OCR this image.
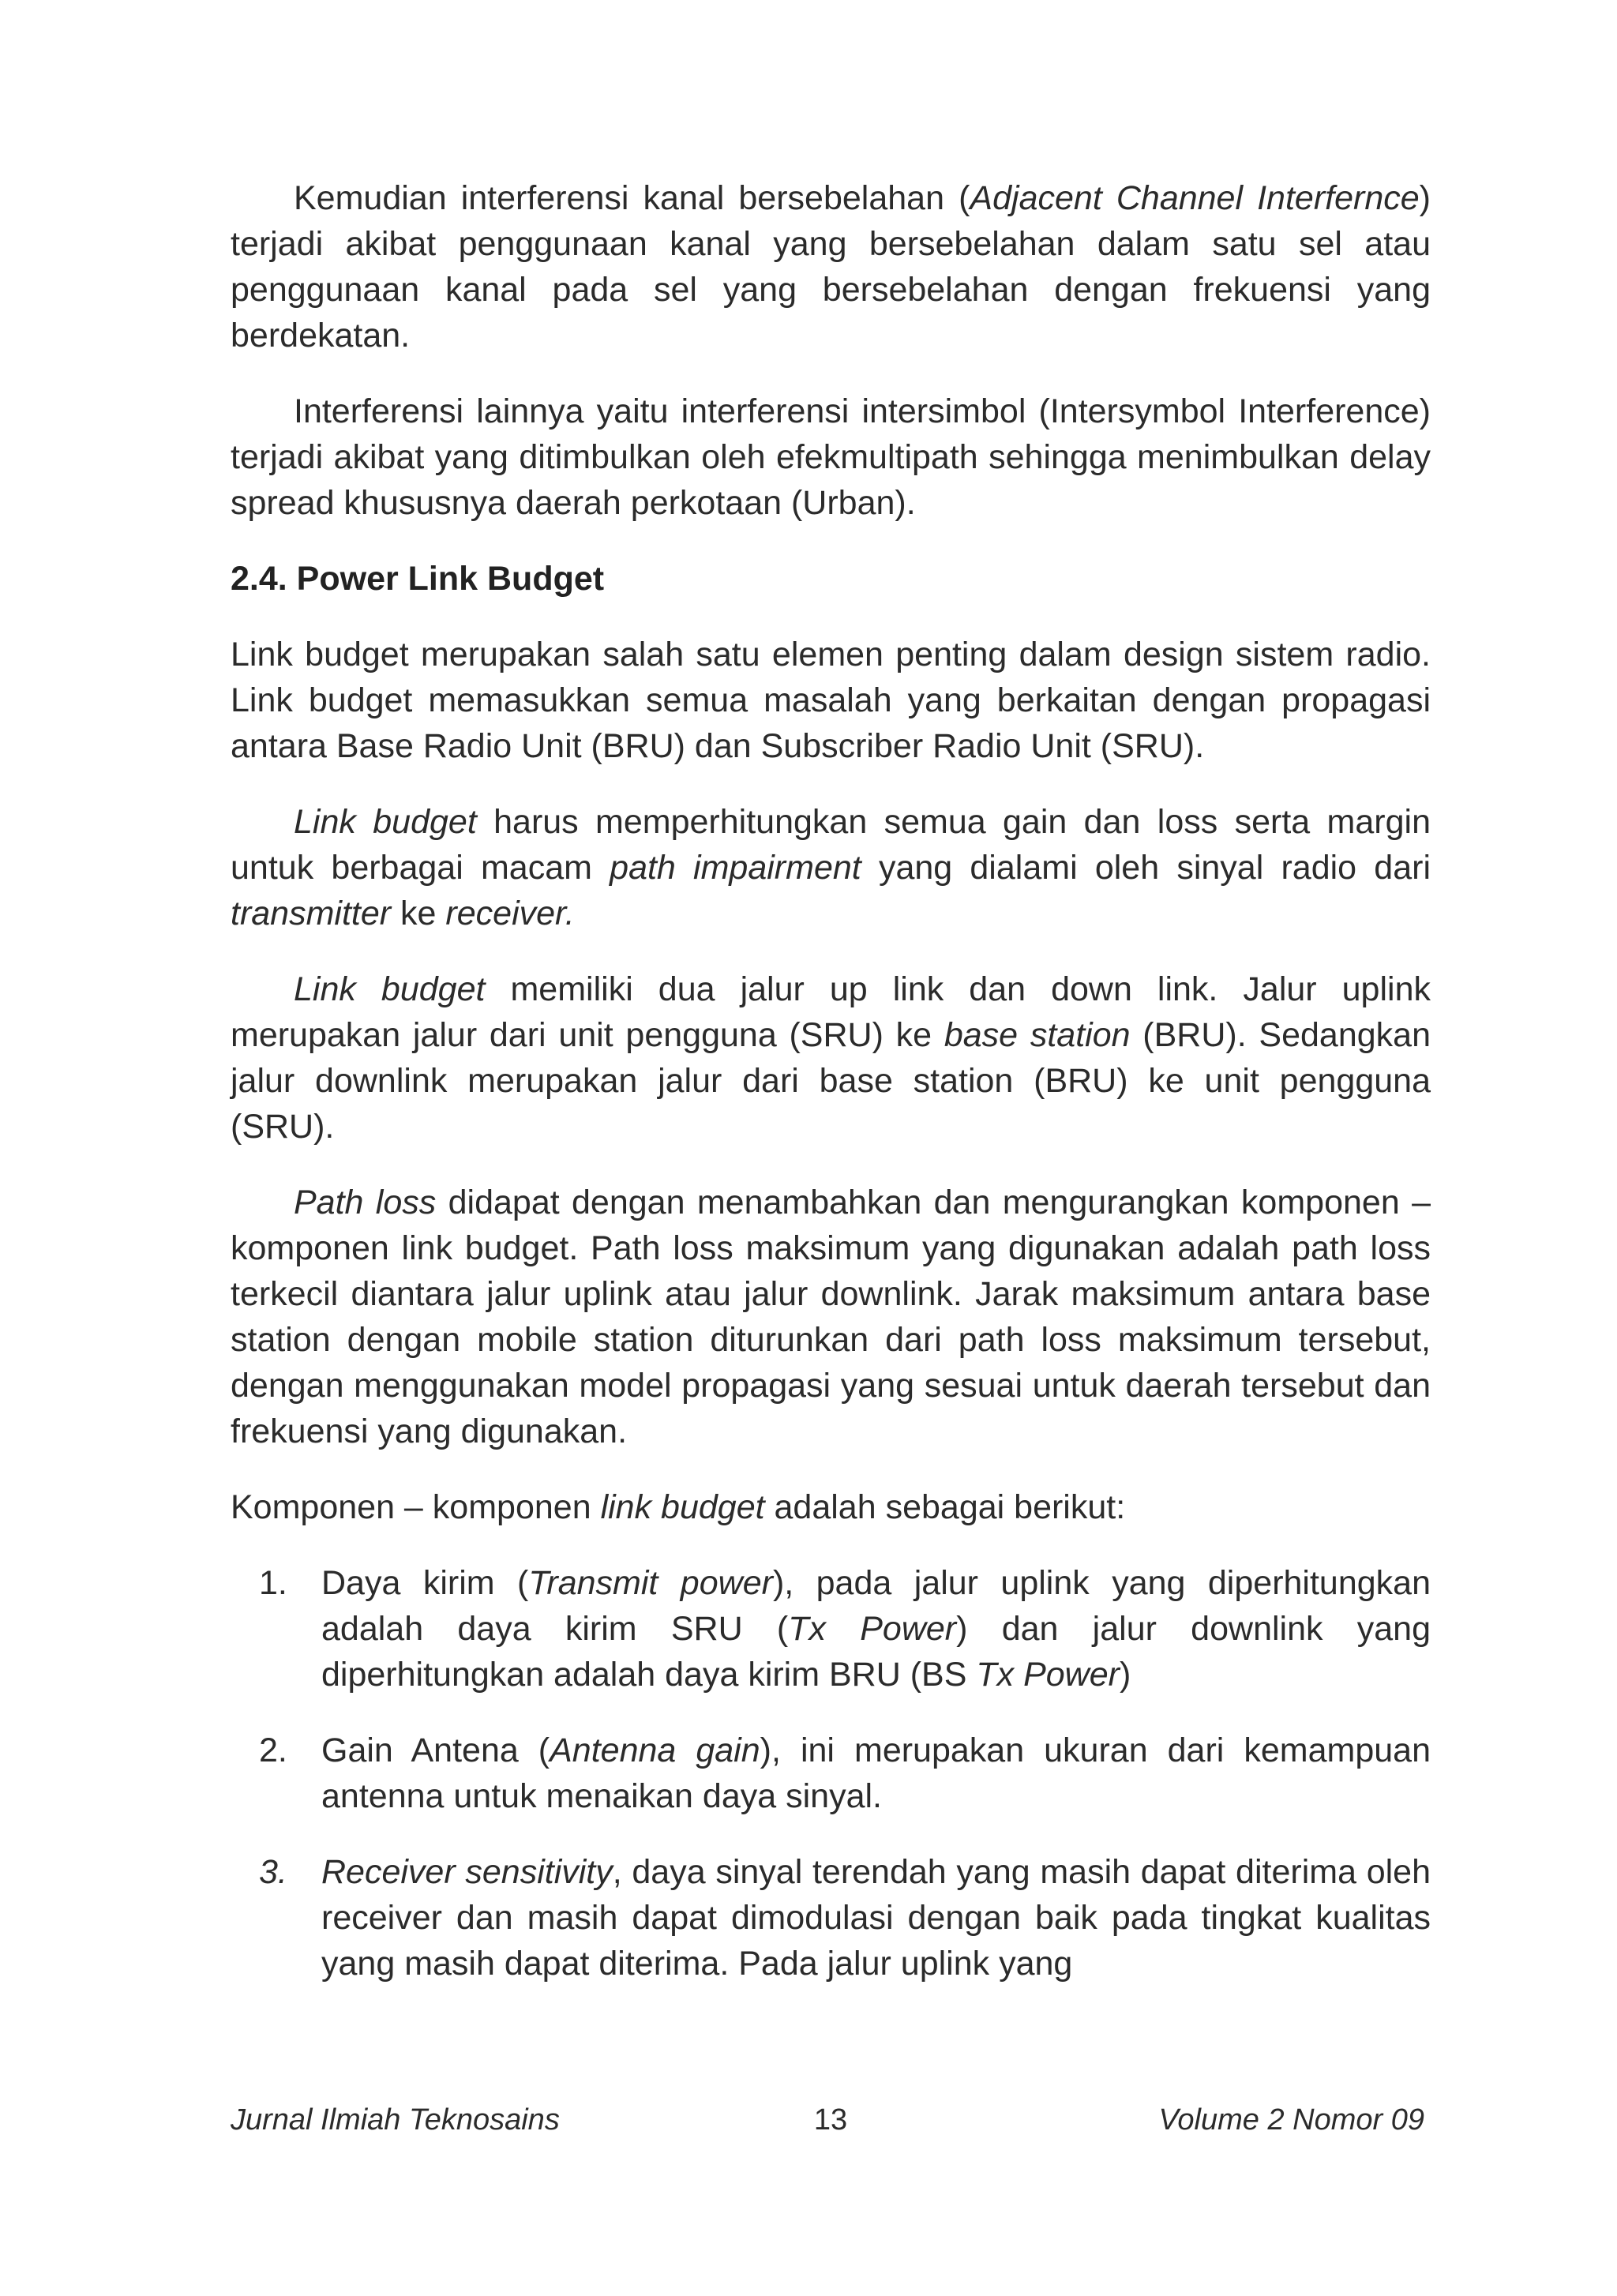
Kemudian interferensi kanal bersebelahan (Adjacent Channel Interfernce) terjadi akibat penggunaan kanal yang bersebelahan dalam satu sel atau penggunaan kanal pada sel yang bersebelahan dengan frekuensi yang berdekatan.

Interferensi lainnya yaitu interferensi intersimbol (Intersymbol Interference) terjadi akibat yang ditimbulkan oleh efekmultipath sehingga menimbulkan delay spread khususnya daerah perkotaan (Urban).

2.4. Power Link Budget

Link budget merupakan salah satu elemen penting dalam design sistem radio. Link budget memasukkan semua masalah yang berkaitan dengan propagasi antara Base Radio Unit (BRU) dan Subscriber Radio Unit (SRU).

Link budget harus memperhitungkan semua gain dan loss serta margin untuk berbagai macam path impairment yang dialami oleh sinyal radio dari transmitter ke receiver.

Link budget memiliki dua jalur up link dan down link. Jalur uplink merupakan jalur dari unit pengguna (SRU) ke base station (BRU). Sedangkan jalur downlink merupakan jalur dari base station (BRU) ke unit pengguna (SRU).

Path loss didapat dengan menambahkan dan mengurangkan komponen – komponen link budget. Path loss maksimum yang digunakan adalah path loss terkecil diantara jalur uplink atau jalur downlink. Jarak maksimum antara base station dengan mobile station diturunkan dari path loss maksimum tersebut, dengan menggunakan model propagasi yang sesuai untuk daerah tersebut dan frekuensi yang digunakan.

Komponen – komponen link budget adalah sebagai berikut:

1. Daya kirim (Transmit power), pada jalur uplink yang diperhitungkan adalah daya kirim SRU (Tx Power) dan jalur downlink yang diperhitungkan adalah daya kirim BRU (BS Tx Power)
2. Gain Antena (Antenna gain), ini merupakan ukuran dari kemampuan antenna untuk menaikan daya sinyal.
3. Receiver sensitivity, daya sinyal terendah yang masih dapat diterima oleh receiver dan masih dapat dimodulasi dengan baik pada tingkat kualitas yang masih dapat diterima. Pada jalur uplink yang
Jurnal Ilmiah Teknosains	13	Volume 2 Nomor 09
